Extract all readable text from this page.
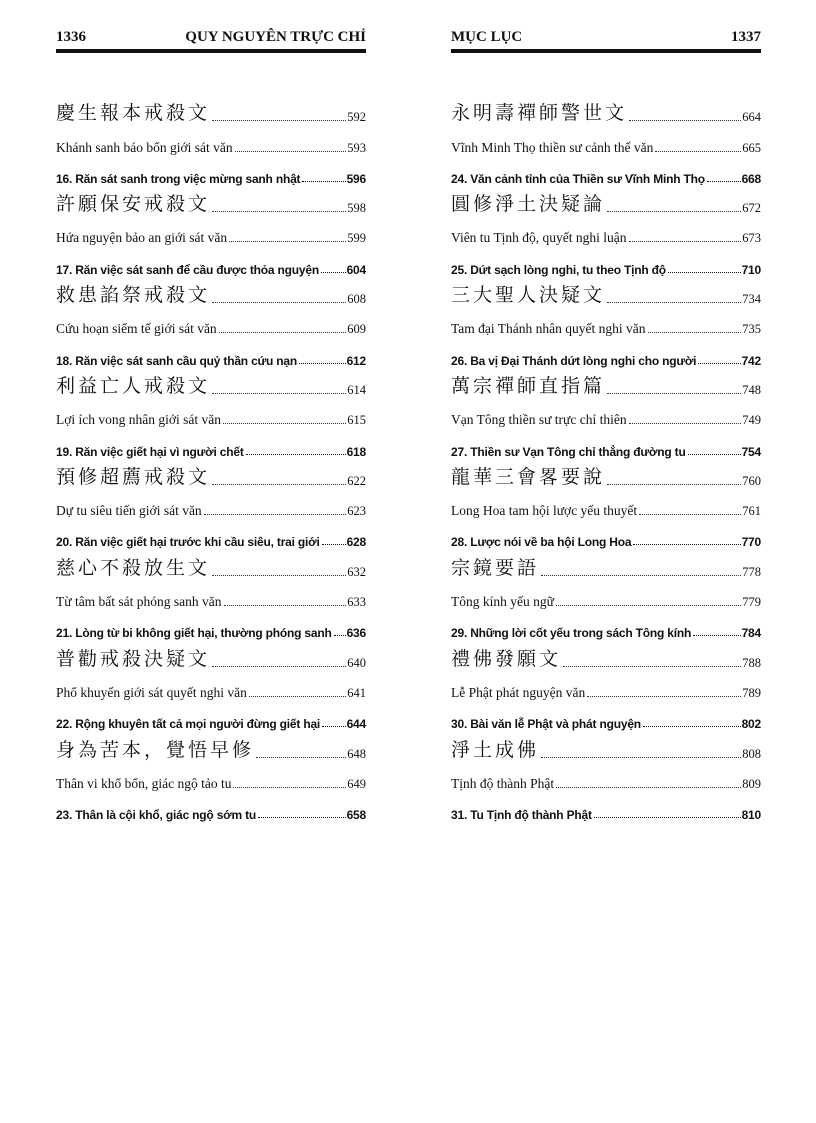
1336	QUY NGUYÊN TRỰC CHỈ
慶生報本戒殺文	592
Khánh sanh báo bổn giới sát văn	593
16. Răn sát sanh trong việc mừng sanh nhật	596
許願保安戒殺文	598
Hứa nguyện bảo an giới sát văn	599
17. Răn việc sát sanh để cầu được thỏa nguyện 604
救患諂祭戒殺文	608
Cứu hoạn siểm tế giới sát văn	609
18. Răn việc sát sanh cầu quỷ thần cứu nạn	612
利益亡人戒殺文	614
Lợi ích vong nhân giới sát văn	615
19. Răn việc giết hại vì người chết	618
預修超薦戒殺文	622
Dự tu siêu tiến giới sát văn	623
20. Răn việc giết hại trước khi cầu siêu, trai giới 628
慈心不殺放生文	632
Từ tâm bất sát phóng sanh văn	633
21. Lòng từ bi không giết hại, thường phóng sanh 636
普勸戒殺決疑文	640
Phổ khuyến giới sát quyết nghi văn	641
22. Rộng khuyên tất cả mọi người đừng giết hại 644
身為苦本，覺悟早修	648
Thân vi khổ bổn, giác ngộ tảo tu	649
23. Thân là cội khổ, giác ngộ sớm tu	658
MỤC LỤC	1337
永明壽禪師警世文	664
Vĩnh Minh Thọ thiền sư cảnh thế văn	665
24. Văn cảnh tỉnh của Thiền sư Vĩnh Minh Thọ	668
圓修淨土決疑論	672
Viên tu Tịnh độ, quyết nghi luận	673
25. Dứt sạch lòng nghi, tu theo Tịnh độ	710
三大聖人決疑文	734
Tam đại Thánh nhân quyết nghi văn	735
26. Ba vị Đại Thánh dứt lòng nghi cho người	742
萬宗禪師直指篇	748
Vạn Tông thiền sư trực chỉ thiên	749
27. Thiền sư Vạn Tông chỉ thẳng đường tu	754
龍華三會畧要說	760
Long Hoa tam hội lược yếu thuyết	761
28. Lược nói về ba hội Long Hoa	770
宗鏡要語	778
Tông kính yếu ngữ	779
29. Những lời cốt yếu trong sách Tông kính	784
禮佛發願文	788
Lễ Phật phát nguyện văn	789
30. Bài văn lễ Phật và phát nguyện	802
淨土成佛	808
Tịnh độ thành Phật	809
31. Tu Tịnh độ thành Phật	810
